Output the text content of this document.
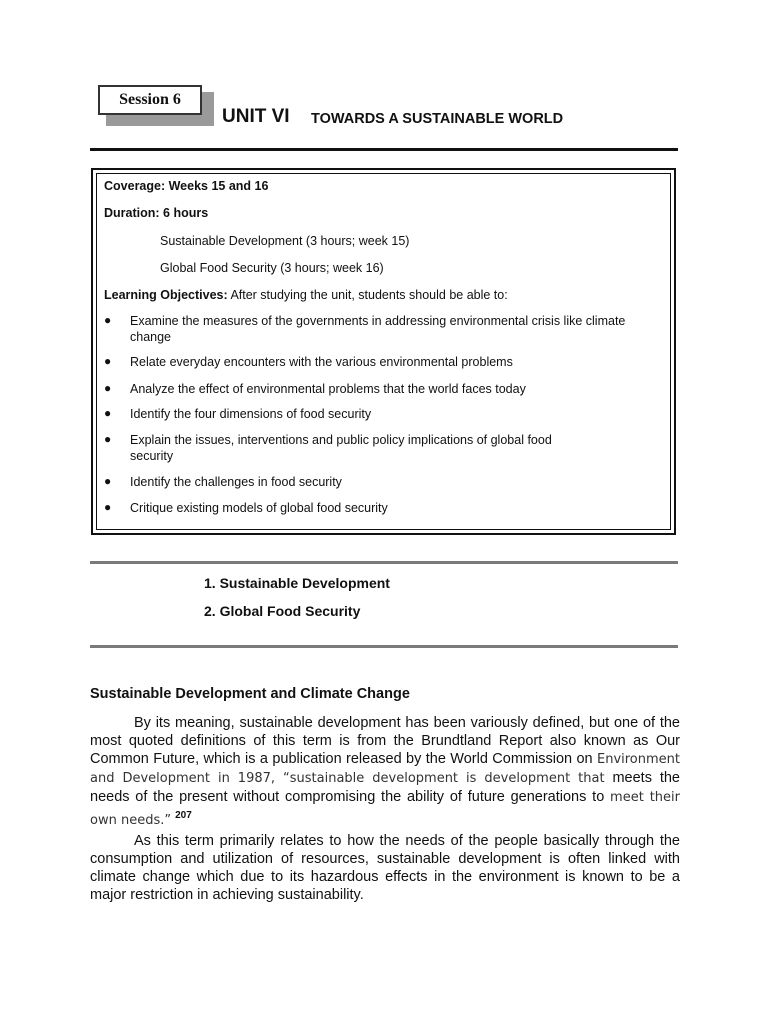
Session 6
UNIT VI TOWARDS A SUSTAINABLE WORLD
Coverage: Weeks 15 and 16
Duration: 6 hours
Sustainable Development (3 hours; week 15)
Global Food Security (3 hours; week 16)
Learning Objectives: After studying the unit, students should be able to:
● Examine the measures of the governments in addressing environmental crisis like climate change
● Relate everyday encounters with the various environmental problems
● Analyze the effect of environmental problems that the world faces today
● Identify the four dimensions of food security
● Explain the issues, interventions and public policy implications of global food security
● Identify the challenges in food security
● Critique existing models of global food security
1. Sustainable Development
2. Global Food Security
Sustainable Development and Climate Change
By its meaning, sustainable development has been variously defined, but one of the most quoted definitions of this term is from the Brundtland Report also known as Our Common Future, which is a publication released by the World Commission on Environment and Development in 1987, “sustainable development is development that meets the needs of the present without compromising the ability of future generations to meet their own needs.” $^{207}$
As this term primarily relates to how the needs of the people basically through the consumption and utilization of resources, sustainable development is often linked with climate change which due to its hazardous effects in the environment is known to be a major restriction in achieving sustainability.
